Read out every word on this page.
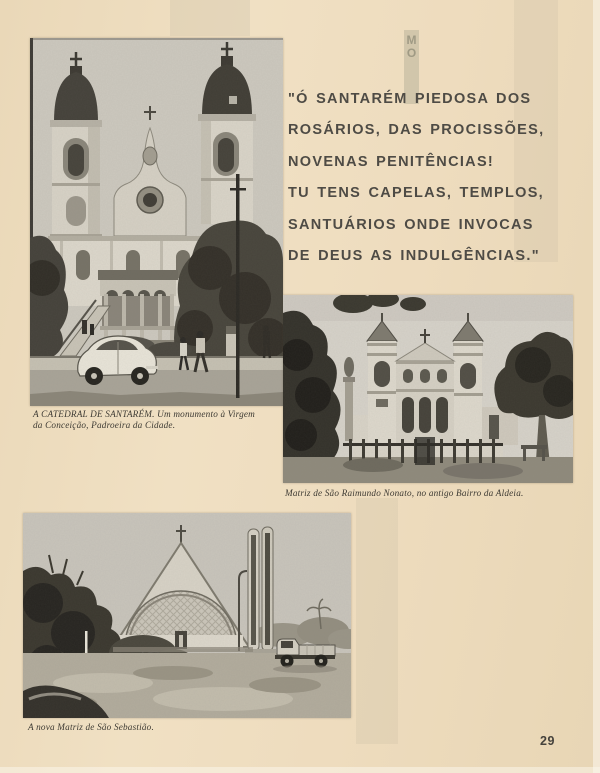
M
O
A CATEDRAL DE SANTARÉM. Um monumento à Virgem da Conceição, Padroeira da Cidade.
"Ó SANTARÉM PIEDOSA DOS
ROSÁRIOS, DAS PROCISSÕES,
NOVENAS PENITÊNCIAS!
TU TENS CAPELAS, TEMPLOS,
SANTUÁRIOS ONDE INVOCAS
DE DEUS AS INDULGÊNCIAS."
Matriz de São Raimundo Nonato, no antigo Bairro da Aldeia.
A nova Matriz de São Sebastião.
29
